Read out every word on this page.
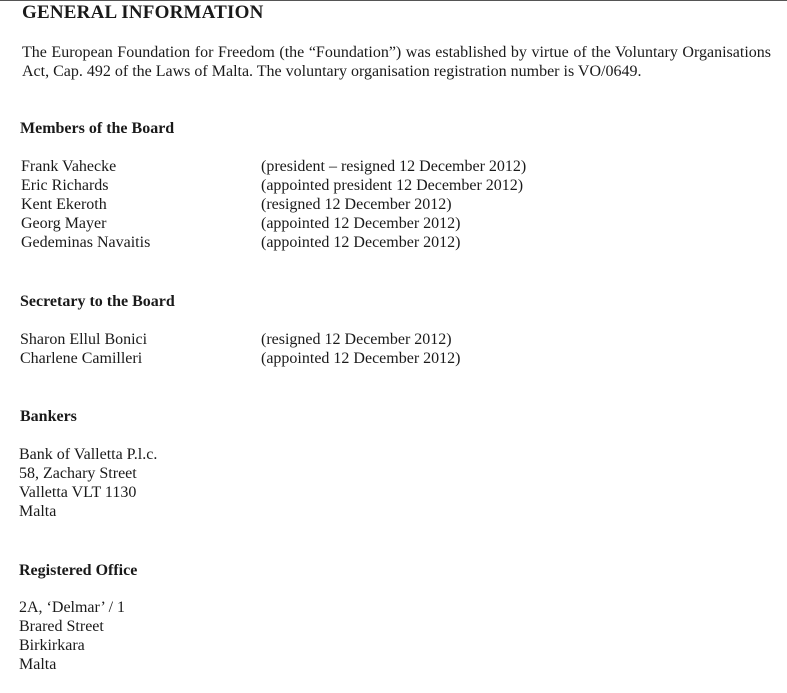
GENERAL INFORMATION
The European Foundation for Freedom (the “Foundation”) was established by virtue of the Voluntary Organisations Act, Cap. 492 of the Laws of Malta. The voluntary organisation registration number is VO/0649.
Members of the Board
Frank Vahecke	(president – resigned 12 December 2012)
Eric Richards	(appointed president 12 December 2012)
Kent Ekeroth	(resigned 12 December 2012)
Georg Mayer	(appointed 12 December 2012)
Gedeminas Navaitis	(appointed 12 December 2012)
Secretary to the Board
Sharon Ellul Bonici	(resigned 12 December 2012)
Charlene Camilleri	(appointed 12 December 2012)
Bankers
Bank of Valletta P.l.c.
58, Zachary Street
Valletta VLT 1130
Malta
Registered Office
2A, ‘Delmar’ / 1
Brared Street
Birkirkara
Malta
